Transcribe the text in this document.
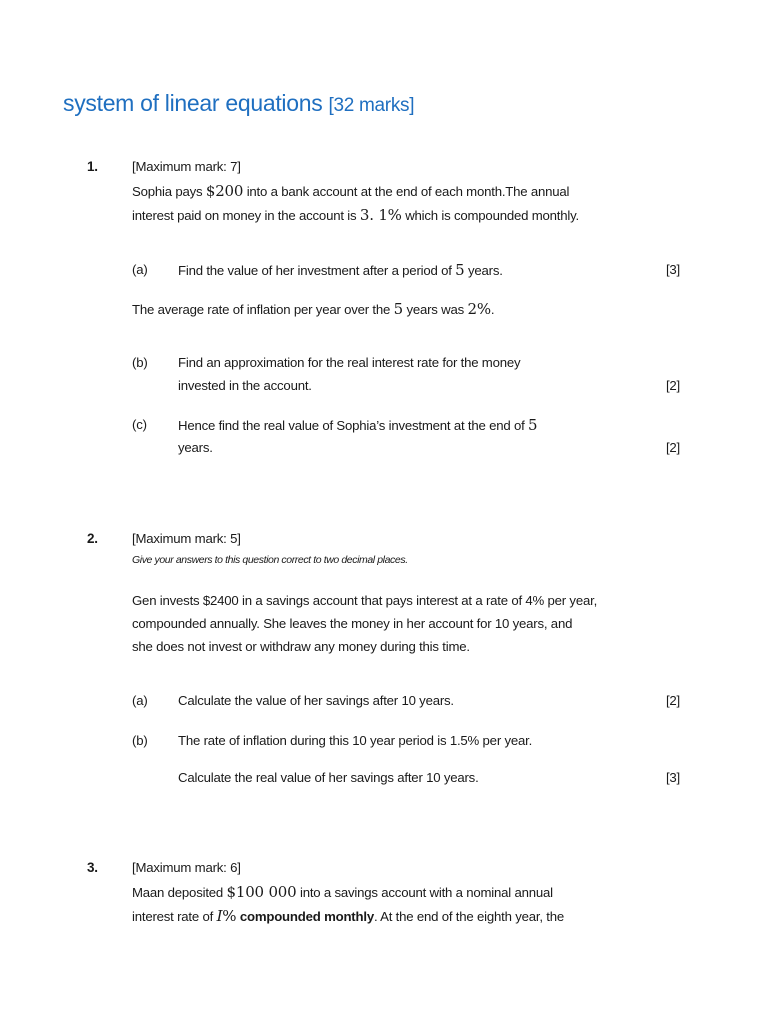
system of linear equations [32 marks]
1.	[Maximum mark: 7]
Sophia pays $200 into a bank account at the end of each month.The annual
interest paid on money in the account is 3. 1% which is compounded monthly.
(a) Find the value of her investment after a period of 5 years.	[3]
The average rate of inflation per year over the 5 years was 2%.
(b) Find an approximation for the real interest rate for the money
invested in the account.	[2]
(c) Hence find the real value of Sophia’s investment at the end of 5
years.	[2]
2.	[Maximum mark: 5]
Give your answers to this question correct to two decimal places.
Gen invests $2400 in a savings account that pays interest at a rate of 4% per year,
compounded annually. She leaves the money in her account for 10 years, and
she does not invest or withdraw any money during this time.
(a) Calculate the value of her savings after 10 years.	[2]
(b) The rate of inflation during this 10 year period is 1.5% per year.
Calculate the real value of her savings after 10 years.	[3]
3.	[Maximum mark: 6]
Maan deposited $100 000 into a savings account with a nominal annual
interest rate of I% compounded monthly. At the end of the eighth year, the
